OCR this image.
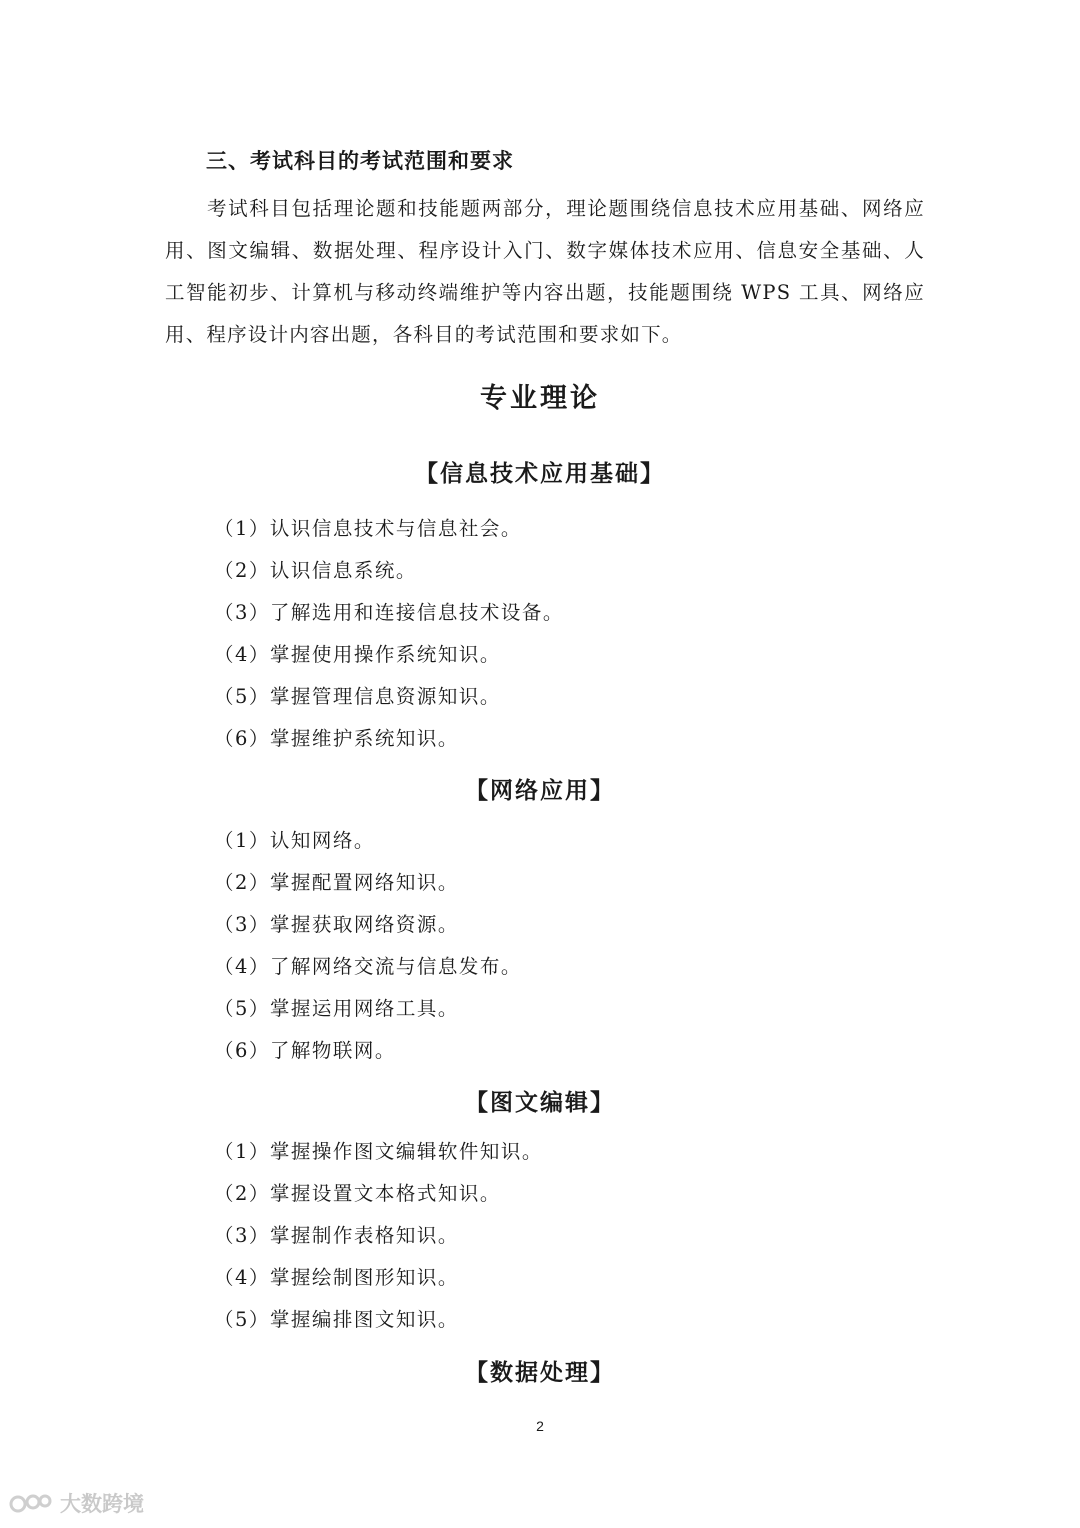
三、考试科目的考试范围和要求

考试科目包括理论题和技能题两部分，理论题围绕信息技术应用基础、网络应用、图文编辑、数据处理、程序设计入门、数字媒体技术应用、信息安全基础、人工智能初步、计算机与移动终端维护等内容出题，技能题围绕 WPS 工具、网络应用、程序设计内容出题，各科目的考试范围和要求如下。

专业理论
【信息技术应用基础】
（1）认识信息技术与信息社会。
（2）认识信息系统。
（3）了解选用和连接信息技术设备。
（4）掌握使用操作系统知识。
（5）掌握管理信息资源知识。
（6）掌握维护系统知识。
【网络应用】
（1）认知网络。
（2）掌握配置网络知识。
（3）掌握获取网络资源。
（4）了解网络交流与信息发布。
（5）掌握运用网络工具。
（6）了解物联网。
【图文编辑】
（1）掌握操作图文编辑软件知识。
（2）掌握设置文本格式知识。
（3）掌握制作表格知识。
（4）掌握绘制图形知识。
（5）掌握编排图文知识。
【数据处理】
2
大数跨境
